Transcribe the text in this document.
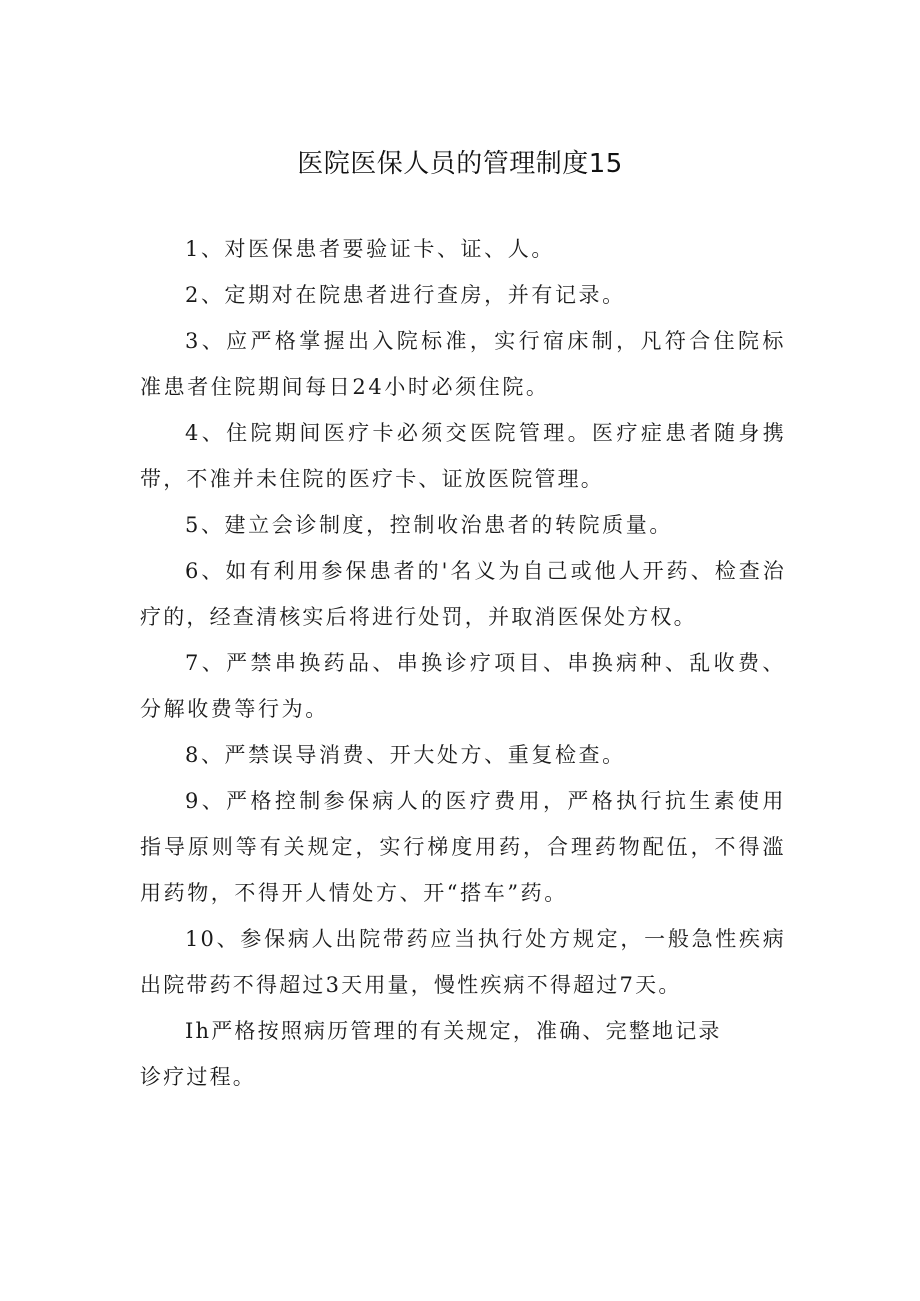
医院医保人员的管理制度15

1、对医保患者要验证卡、证、人。

2、定期对在院患者进行查房，并有记录。

3、应严格掌握出入院标准，实行宿床制，凡符合住院标准患者住院期间每日24小时必须住院。

4、住院期间医疗卡必须交医院管理。医疗症患者随身携带，不准并未住院的医疗卡、证放医院管理。

5、建立会诊制度，控制收治患者的转院质量。

6、如有利用参保患者的'名义为自己或他人开药、检查治疗的，经查清核实后将进行处罚，并取消医保处方权。

7、严禁串换药品、串换诊疗项目、串换病种、乱收费、分解收费等行为。

8、严禁误导消费、开大处方、重复检查。

9、严格控制参保病人的医疗费用，严格执行抗生素使用指导原则等有关规定，实行梯度用药，合理药物配伍，不得滥用药物，不得开人情处方、开“搭车”药。

10、参保病人出院带药应当执行处方规定，一般急性疾病出院带药不得超过3天用量，慢性疾病不得超过7天。

Ih严格按照病历管理的有关规定，准确、完整地记录
诊疗过程。
